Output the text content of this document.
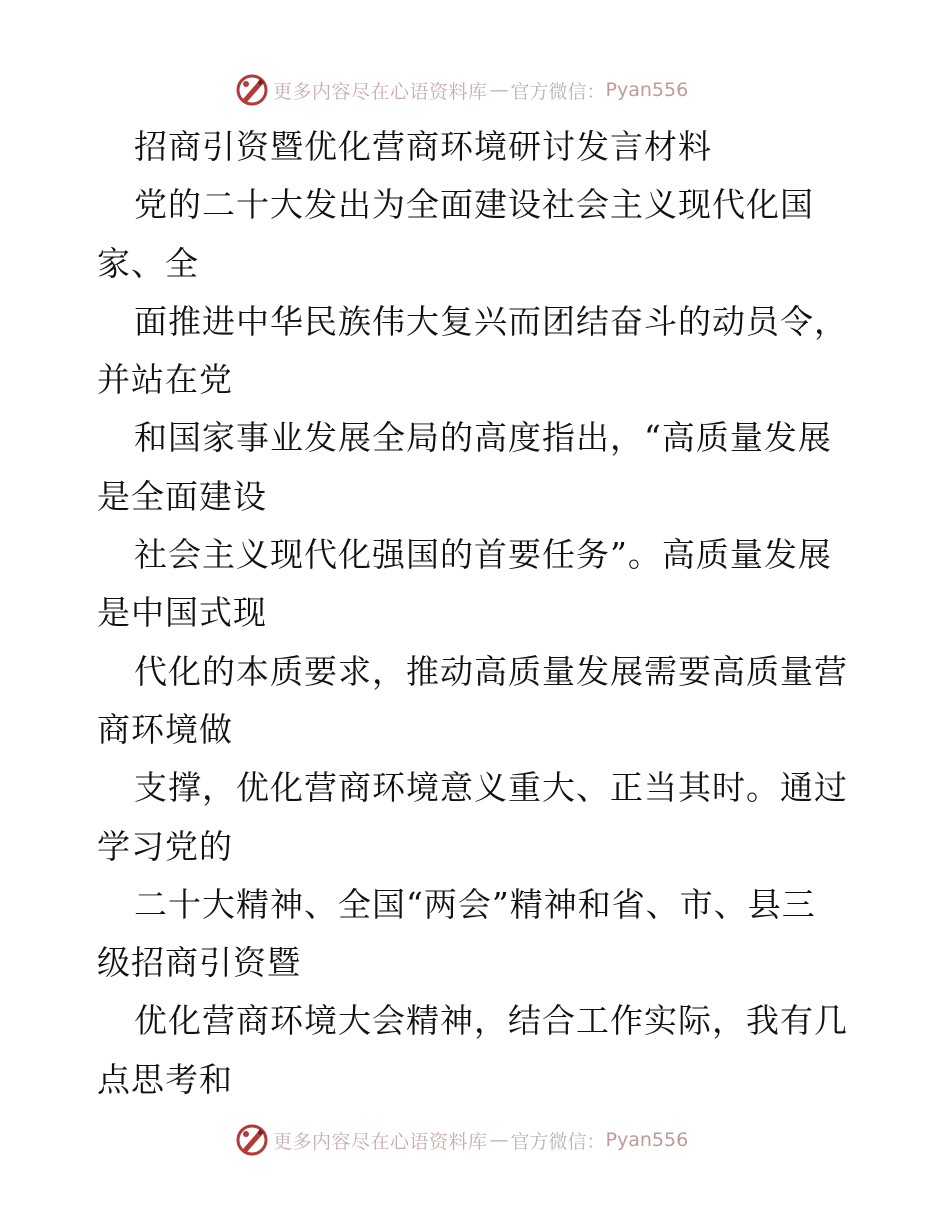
更多内容尽在心语资料库 — 官方微信： Pyan556
招商引资暨优化营商环境研讨发言材料
党的二十大发出为全面建设社会主义现代化国
家、全
面推进中华民族伟大复兴而团结奋斗的动员令，
并站在党
和国家事业发展全局的高度指出，“高质量发展
是全面建设
社会主义现代化强国的首要任务”。高质量发展
是中国式现
代化的本质要求，推动高质量发展需要高质量营
商环境做
支撑，优化营商环境意义重大、正当其时。通过
学习党的
二十大精神、全国“两会”精神和省、市、县三
级招商引资暨
优化营商环境大会精神，结合工作实际，我有几
点思考和
更多内容尽在心语资料库 — 官方微信： Pyan556
